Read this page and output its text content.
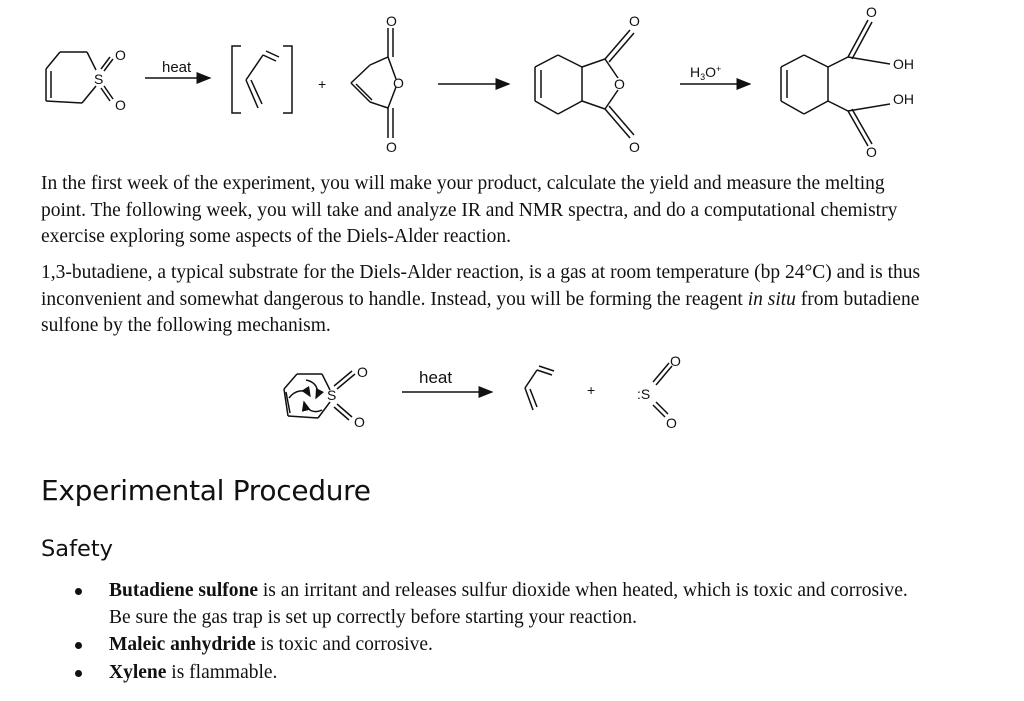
O
S
O
heat
+
O
O
O
O
O
O
$H_3O^+$
O
OH
OH
O

In the first week of the experiment, you will make your product, calculate the yield and measure the melting point. The following week, you will take and analyze IR and NMR spectra, and do a computational chemistry exercise exploring some aspects of the Diels-Alder reaction.

1,3-butadiene, a typical substrate for the Diels-Alder reaction, is a gas at room temperature (bp 24°C) and is thus inconvenient and somewhat dangerous to handle. Instead, you will be forming the reagent in situ from butadiene sulfone by the following mechanism.

O
S
O
heat
+
O
:S
O
Experimental Procedure
Safety
Butadiene sulfone is an irritant and releases sulfur dioxide when heated, which is toxic and corrosive. Be sure the gas trap is set up correctly before starting your reaction.
Maleic anhydride is toxic and corrosive.
Xylene is flammable.
